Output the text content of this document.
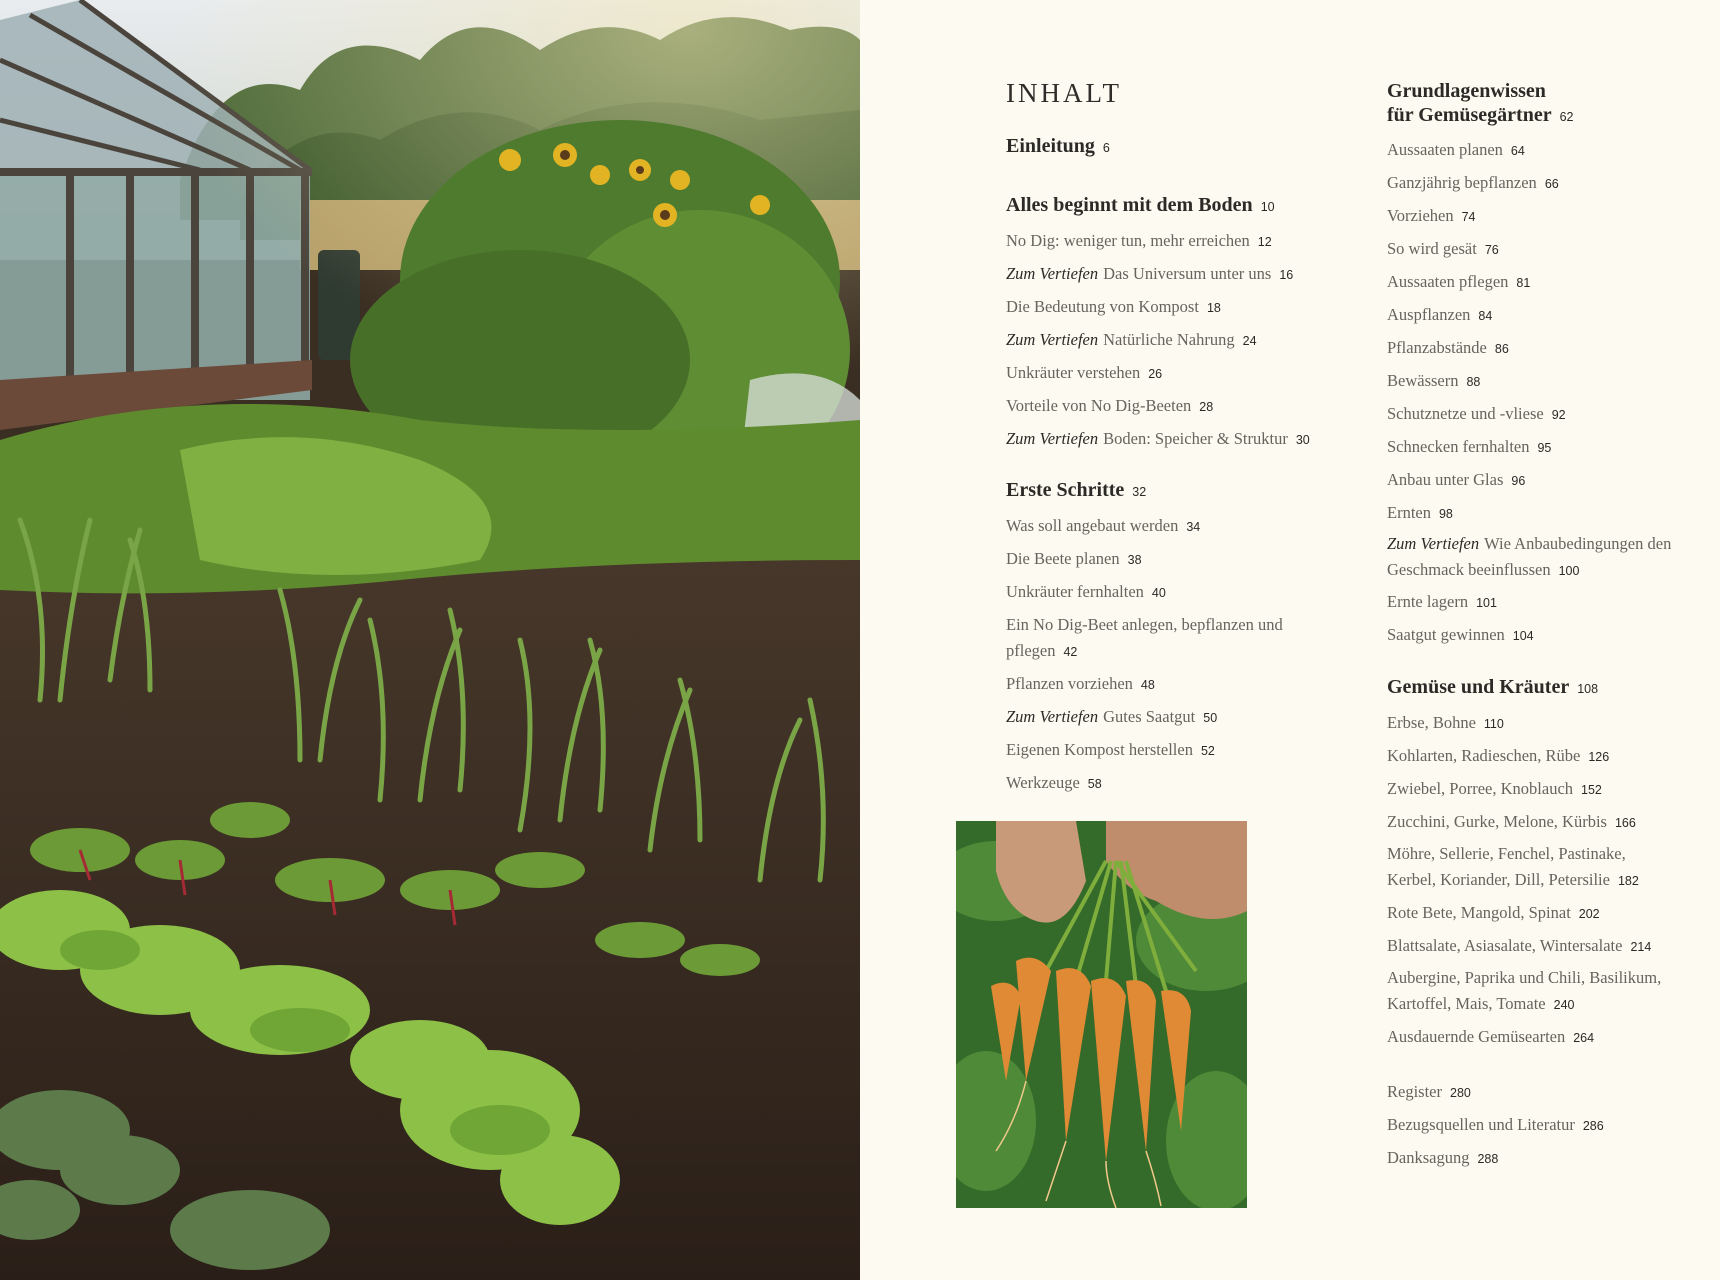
INHALT
Einleitung 6
Alles beginnt mit dem Boden 10
No Dig: weniger tun, mehr erreichen 12
Zum Vertiefen Das Universum unter uns 16
Die Bedeutung von Kompost 18
Zum Vertiefen Natürliche Nahrung 24
Unkräuter verstehen 26
Vorteile von No Dig-Beeten 28
Zum Vertiefen Boden: Speicher & Struktur 30
Erste Schritte 32
Was soll angebaut werden 34
Die Beete planen 38
Unkräuter fernhalten 40
Ein No Dig-Beet anlegen, bepflanzen und pflegen 42
Pflanzen vorziehen 48
Zum Vertiefen Gutes Saatgut 50
Eigenen Kompost herstellen 52
Werkzeuge 58
Grundlagenwissen
für Gemüsegärtner 62
Aussaaten planen 64
Ganzjährig bepflanzen 66
Vorziehen 74
So wird gesät 76
Aussaaten pflegen 81
Auspflanzen 84
Pflanzabstände 86
Bewässern 88
Schutznetze und -vliese 92
Schnecken fernhalten 95
Anbau unter Glas 96
Ernten 98
Zum Vertiefen Wie Anbaubedingungen den Geschmack beeinflussen 100
Ernte lagern 101
Saatgut gewinnen 104
Gemüse und Kräuter 108
Erbse, Bohne 110
Kohlarten, Radieschen, Rübe 126
Zwiebel, Porree, Knoblauch 152
Zucchini, Gurke, Melone, Kürbis 166
Möhre, Sellerie, Fenchel, Pastinake, Kerbel, Koriander, Dill, Petersilie 182
Rote Bete, Mangold, Spinat 202
Blattsalate, Asiasalate, Wintersalate 214
Aubergine, Paprika und Chili, Basilikum, Kartoffel, Mais, Tomate 240
Ausdauernde Gemüsearten 264
Register 280
Bezugsquellen und Literatur 286
Danksagung 288
